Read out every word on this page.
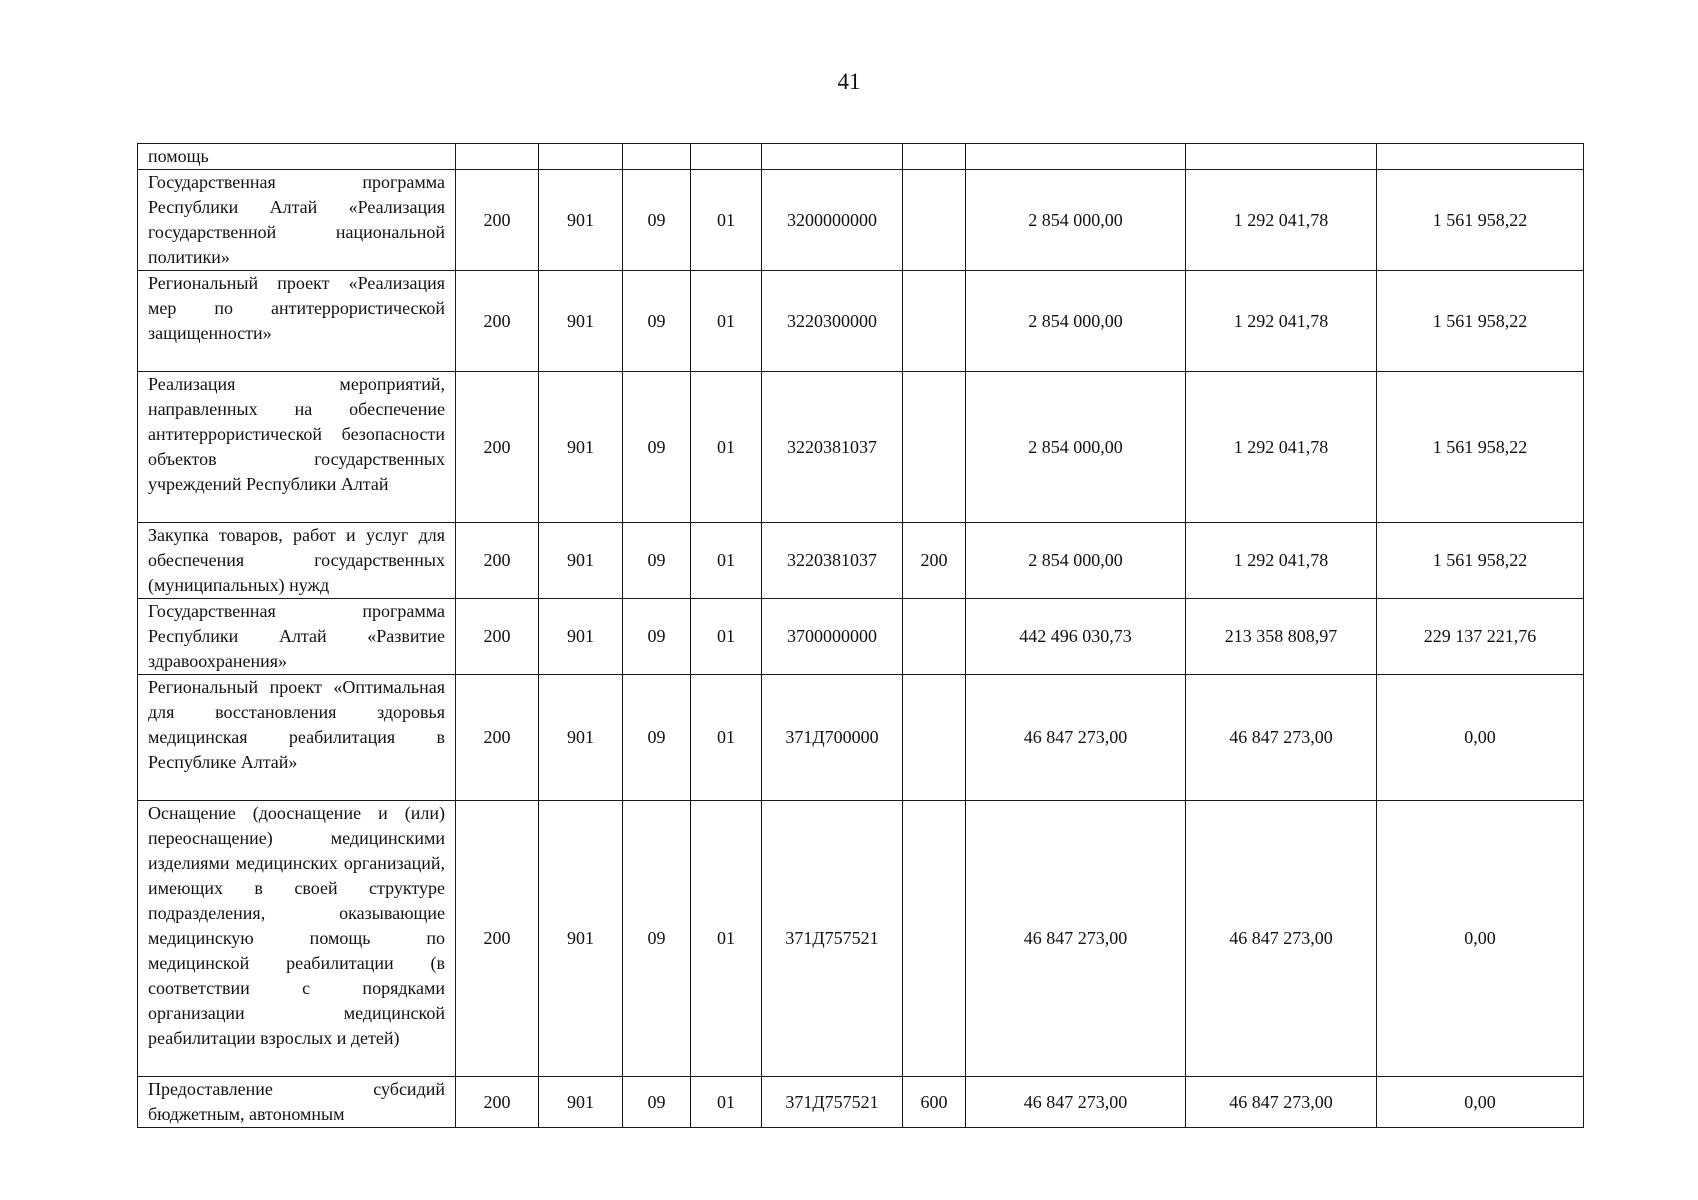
41
помощь									
Государственная программа Республики Алтай «Реализация государственной национальной политики»	200	901	09	01	3200000000		2 854 000,00	1 292 041,78	1 561 958,22
Региональный проект «Реализация мер по антитеррористической защищенности»	200	901	09	01	3220300000		2 854 000,00	1 292 041,78	1 561 958,22
Реализация мероприятий, направленных на обеспечение антитеррористической безопасности объектов государственных учреждений Республики Алтай	200	901	09	01	3220381037		2 854 000,00	1 292 041,78	1 561 958,22
Закупка товаров, работ и услуг для обеспечения государственных (муниципальных) нужд	200	901	09	01	3220381037	200	2 854 000,00	1 292 041,78	1 561 958,22
Государственная программа Республики Алтай «Развитие здравоохранения»	200	901	09	01	3700000000		442 496 030,73	213 358 808,97	229 137 221,76
Региональный проект «Оптимальная для восстановления здоровья медицинская реабилитация в Республике Алтай»	200	901	09	01	371Д700000		46 847 273,00	46 847 273,00	0,00
Оснащение (дооснащение и (или) переоснащение) медицинскими изделиями медицинских организаций, имеющих в своей структуре подразделения, оказывающие медицинскую помощь по медицинской реабилитации (в соответствии с порядками организации медицинской реабилитации взрослых и детей)	200	901	09	01	371Д757521		46 847 273,00	46 847 273,00	0,00
Предоставление субсидий бюджетным, автономным	200	901	09	01	371Д757521	600	46 847 273,00	46 847 273,00	0,00
